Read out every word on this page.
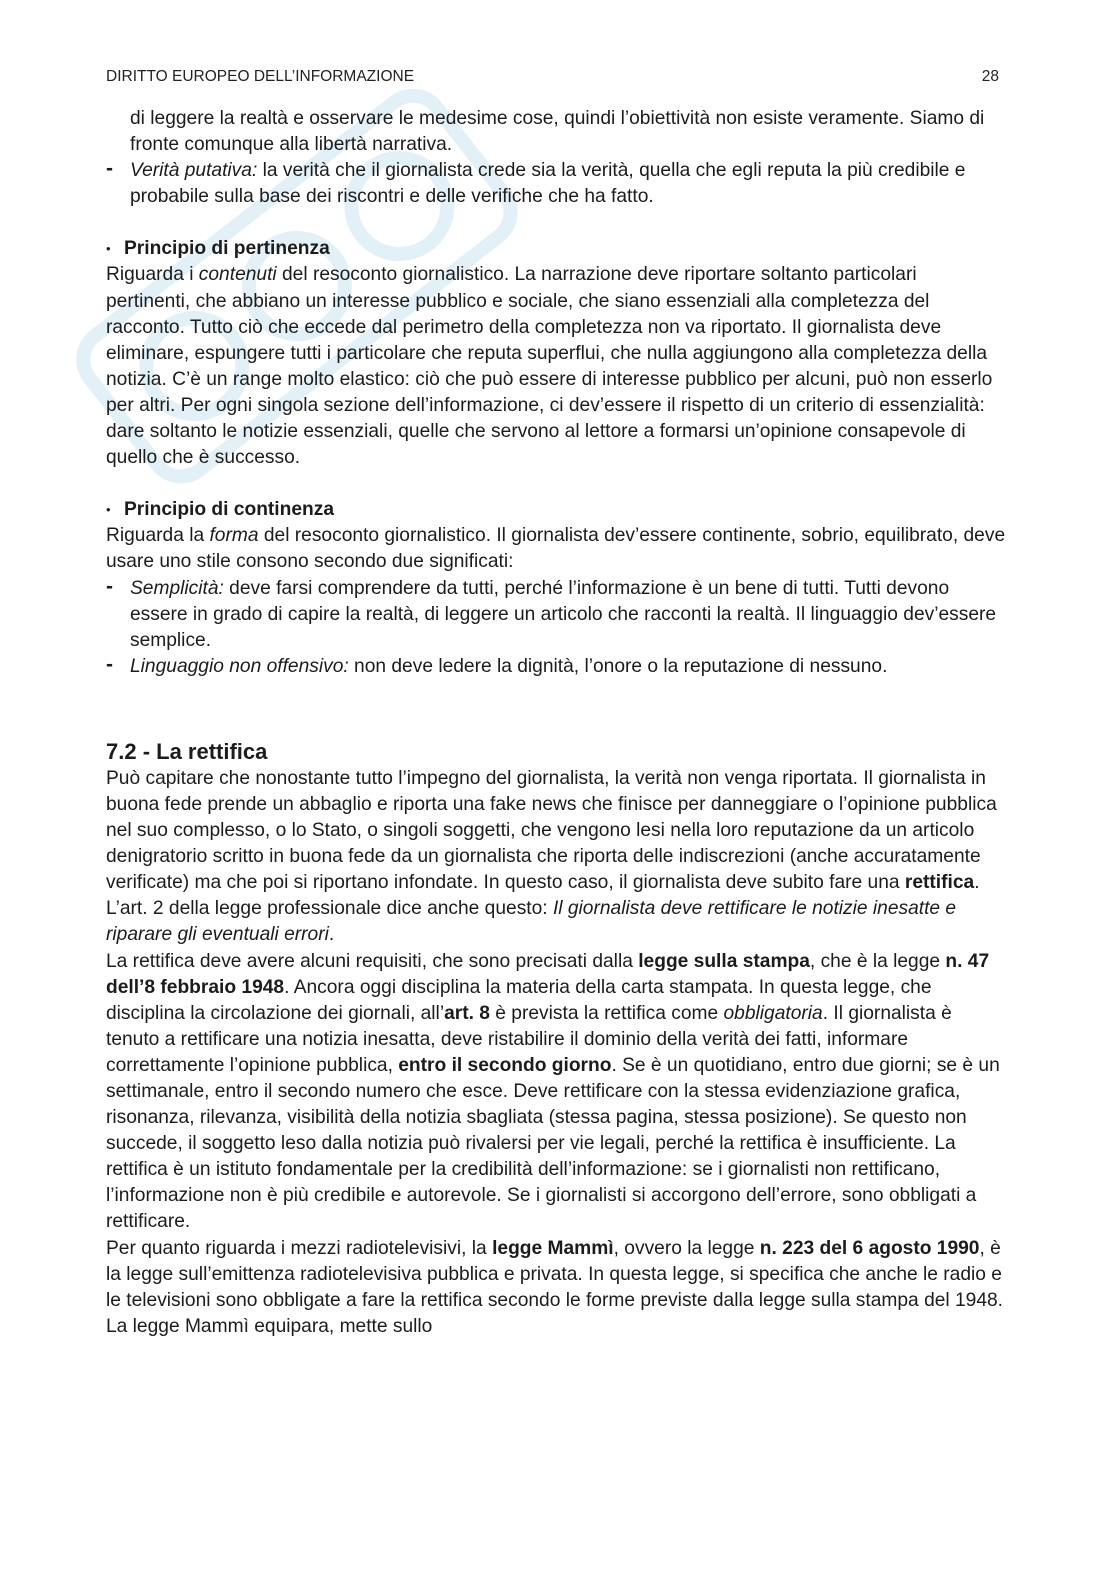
DIRITTO EUROPEO DELL’INFORMAZIONE	28

di leggere la realtà e osservare le medesime cose, quindi l’obiettività non esiste veramente. Siamo di fronte comunque alla libertà narrativa.

- Verità putativa: la verità che il giornalista crede sia la verità, quella che egli reputa la più credibile e probabile sulla base dei riscontri e delle verifiche che ha fatto.

• Principio di pertinenza

Riguarda i contenuti del resoconto giornalistico. La narrazione deve riportare soltanto particolari pertinenti, che abbiano un interesse pubblico e sociale, che siano essenziali alla completezza del racconto. Tutto ciò che eccede dal perimetro della completezza non va riportato. Il giornalista deve eliminare, espungere tutti i particolare che reputa superflui, che nulla aggiungono alla completezza della notizia. C’è un range molto elastico: ciò che può essere di interesse pubblico per alcuni, può non esserlo per altri. Per ogni singola sezione dell’informazione, ci dev’essere il rispetto di un criterio di essenzialità: dare soltanto le notizie essenziali, quelle che servono al lettore a formarsi un’opinione consapevole di quello che è successo.

• Principio di continenza

Riguarda la forma del resoconto giornalistico. Il giornalista dev’essere continente, sobrio, equilibrato, deve usare uno stile consono secondo due significati:

- Semplicità: deve farsi comprendere da tutti, perché l’informazione è un bene di tutti. Tutti devono essere in grado di capire la realtà, di leggere un articolo che racconti la realtà. Il linguaggio dev’essere semplice.

- Linguaggio non offensivo: non deve ledere la dignità, l’onore o la reputazione di nessuno.

7.2 - La rettifica

Può capitare che nonostante tutto l’impegno del giornalista, la verità non venga riportata. Il giornalista in buona fede prende un abbaglio e riporta una fake news che finisce per danneggiare o l’opinione pubblica nel suo complesso, o lo Stato, o singoli soggetti, che vengono lesi nella loro reputazione da un articolo denigratorio scritto in buona fede da un giornalista che riporta delle indiscrezioni (anche accuratamente verificate) ma che poi si riportano infondate. In questo caso, il giornalista deve subito fare una rettifica.

L’art. 2 della legge professionale dice anche questo: Il giornalista deve rettificare le notizie inesatte e riparare gli eventuali errori.

La rettifica deve avere alcuni requisiti, che sono precisati dalla legge sulla stampa, che è la legge n. 47 dell’8 febbraio 1948. Ancora oggi disciplina la materia della carta stampata. In questa legge, che disciplina la circolazione dei giornali, all’art. 8 è prevista la rettifica come obbligatoria. Il giornalista è tenuto a rettificare una notizia inesatta, deve ristabilire il dominio della verità dei fatti, informare correttamente l’opinione pubblica, entro il secondo giorno. Se è un quotidiano, entro due giorni; se è un settimanale, entro il secondo numero che esce. Deve rettificare con la stessa evidenziazione grafica, risonanza, rilevanza, visibilità della notizia sbagliata (stessa pagina, stessa posizione). Se questo non succede, il soggetto leso dalla notizia può rivalersi per vie legali, perché la rettifica è insufficiente. La rettifica è un istituto fondamentale per la credibilità dell’informazione: se i giornalisti non rettificano, l’informazione non è più credibile e autorevole. Se i giornalisti si accorgono dell’errore, sono obbligati a rettificare.

Per quanto riguarda i mezzi radiotelevisivi, la legge Mammì, ovvero la legge n. 223 del 6 agosto 1990, è la legge sull’emittenza radiotelevisiva pubblica e privata. In questa legge, si specifica che anche le radio e le televisioni sono obbligate a fare la rettifica secondo le forme previste dalla legge sulla stampa del 1948. La legge Mammì equipara, mette sullo
